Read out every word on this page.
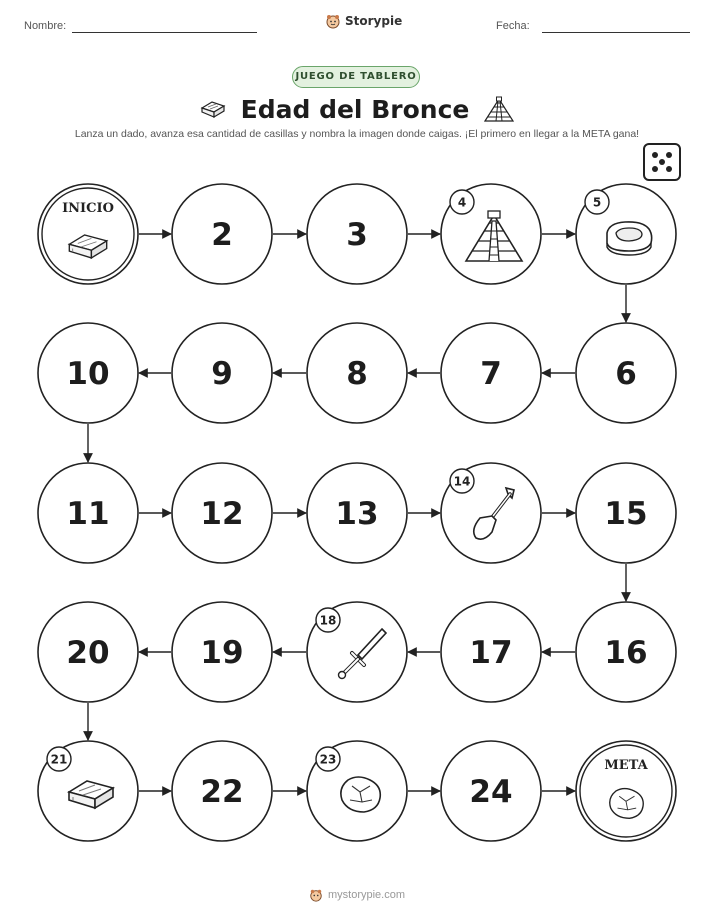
Nombre:	Storypie	Fecha:
JUEGO DE TABLERO
Edad del Bronce
Lanza un dado, avanza esa cantidad de casillas y nombra la imagen donde caigas. ¡El primero en llegar a la META gana!
INICIO
2	3
4	5
6
7
8
9
10
11	12	13
14
15
16
17
18
19
20
21
22
23
24
META
mystorypie.com
